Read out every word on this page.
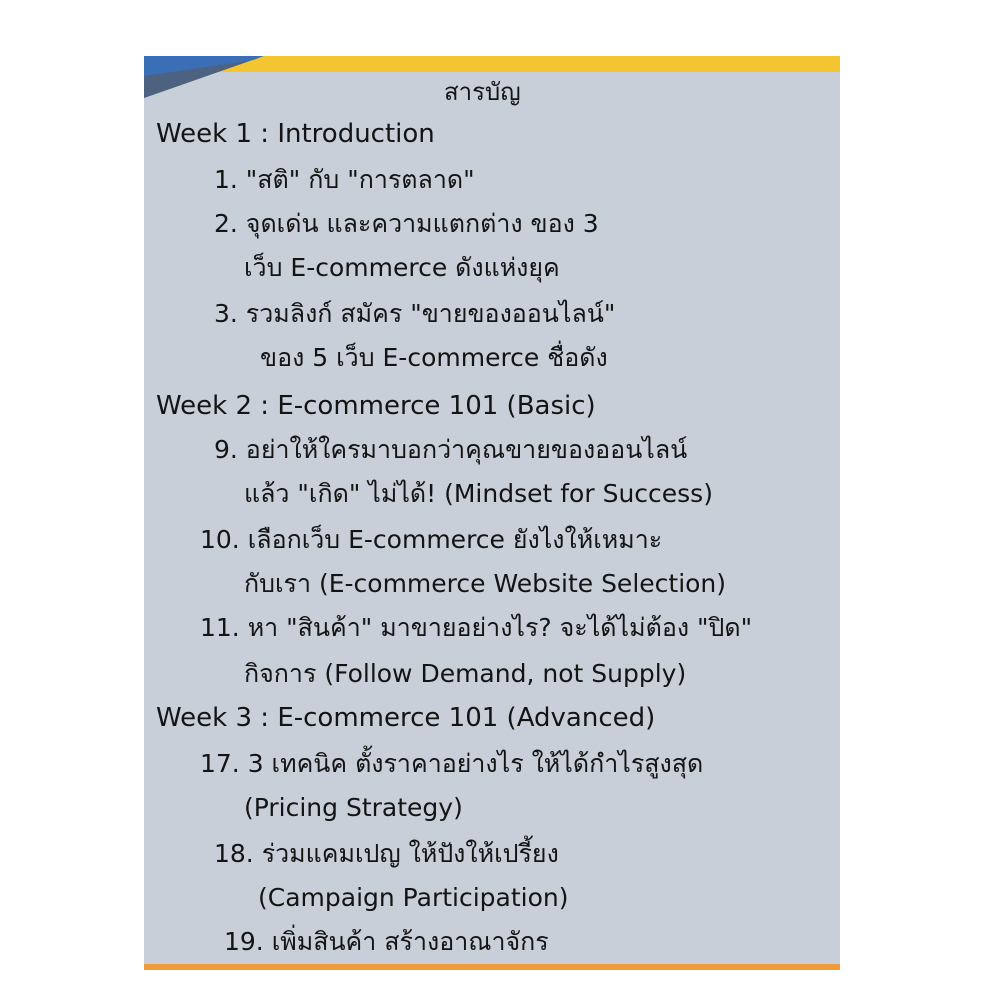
สารบัญ
Week 1 : Introduction
1. "สติ" กับ "การตลาด"
2. จุดเด่น และความแตกต่าง ของ 3
เว็บ E-commerce ดังแห่งยุค
3. รวมลิงก์ สมัคร "ขายของออนไลน์"
ของ 5 เว็บ E-commerce ชื่อดัง
Week 2 : E-commerce 101 (Basic)
9. อย่าให้ใครมาบอกว่าคุณขายของออนไลน์
แล้ว "เกิด" ไม่ได้! (Mindset for Success)
10. เลือกเว็บ E-commerce ยังไงให้เหมาะ
กับเรา (E-commerce Website Selection)
11. หา "สินค้า" มาขายอย่างไร? จะได้ไม่ต้อง "ปิด"
กิจการ (Follow Demand, not Supply)
Week 3 : E-commerce 101 (Advanced)
17. 3 เทคนิค ตั้งราคาอย่างไร ให้ได้กำไรสูงสุด
(Pricing Strategy)
18. ร่วมแคมเปญ ให้ปังให้เปรี้ยง
(Campaign Participation)
19. เพิ่มสินค้า สร้างอาณาจักร
